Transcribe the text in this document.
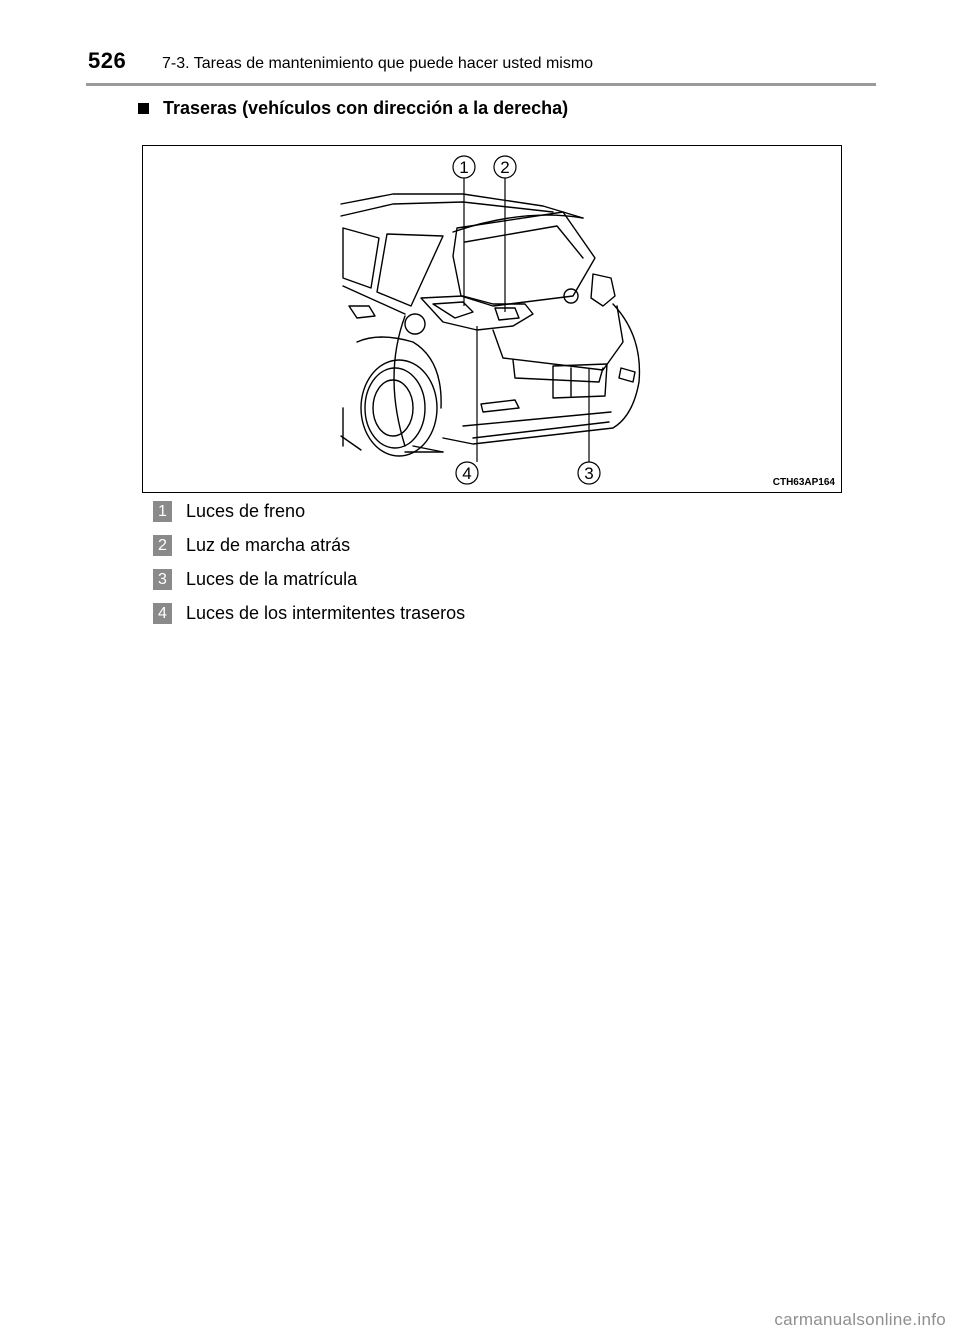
526 7-3. Tareas de mantenimiento que puede hacer usted mismo
Traseras (vehículos con dirección a la derecha)
1 2
3
4	CTH63AP164
1 Luces de freno
2 Luz de marcha atrás
3 Luces de la matrícula
4 Luces de los intermitentes traseros
carmanualsonline.info
